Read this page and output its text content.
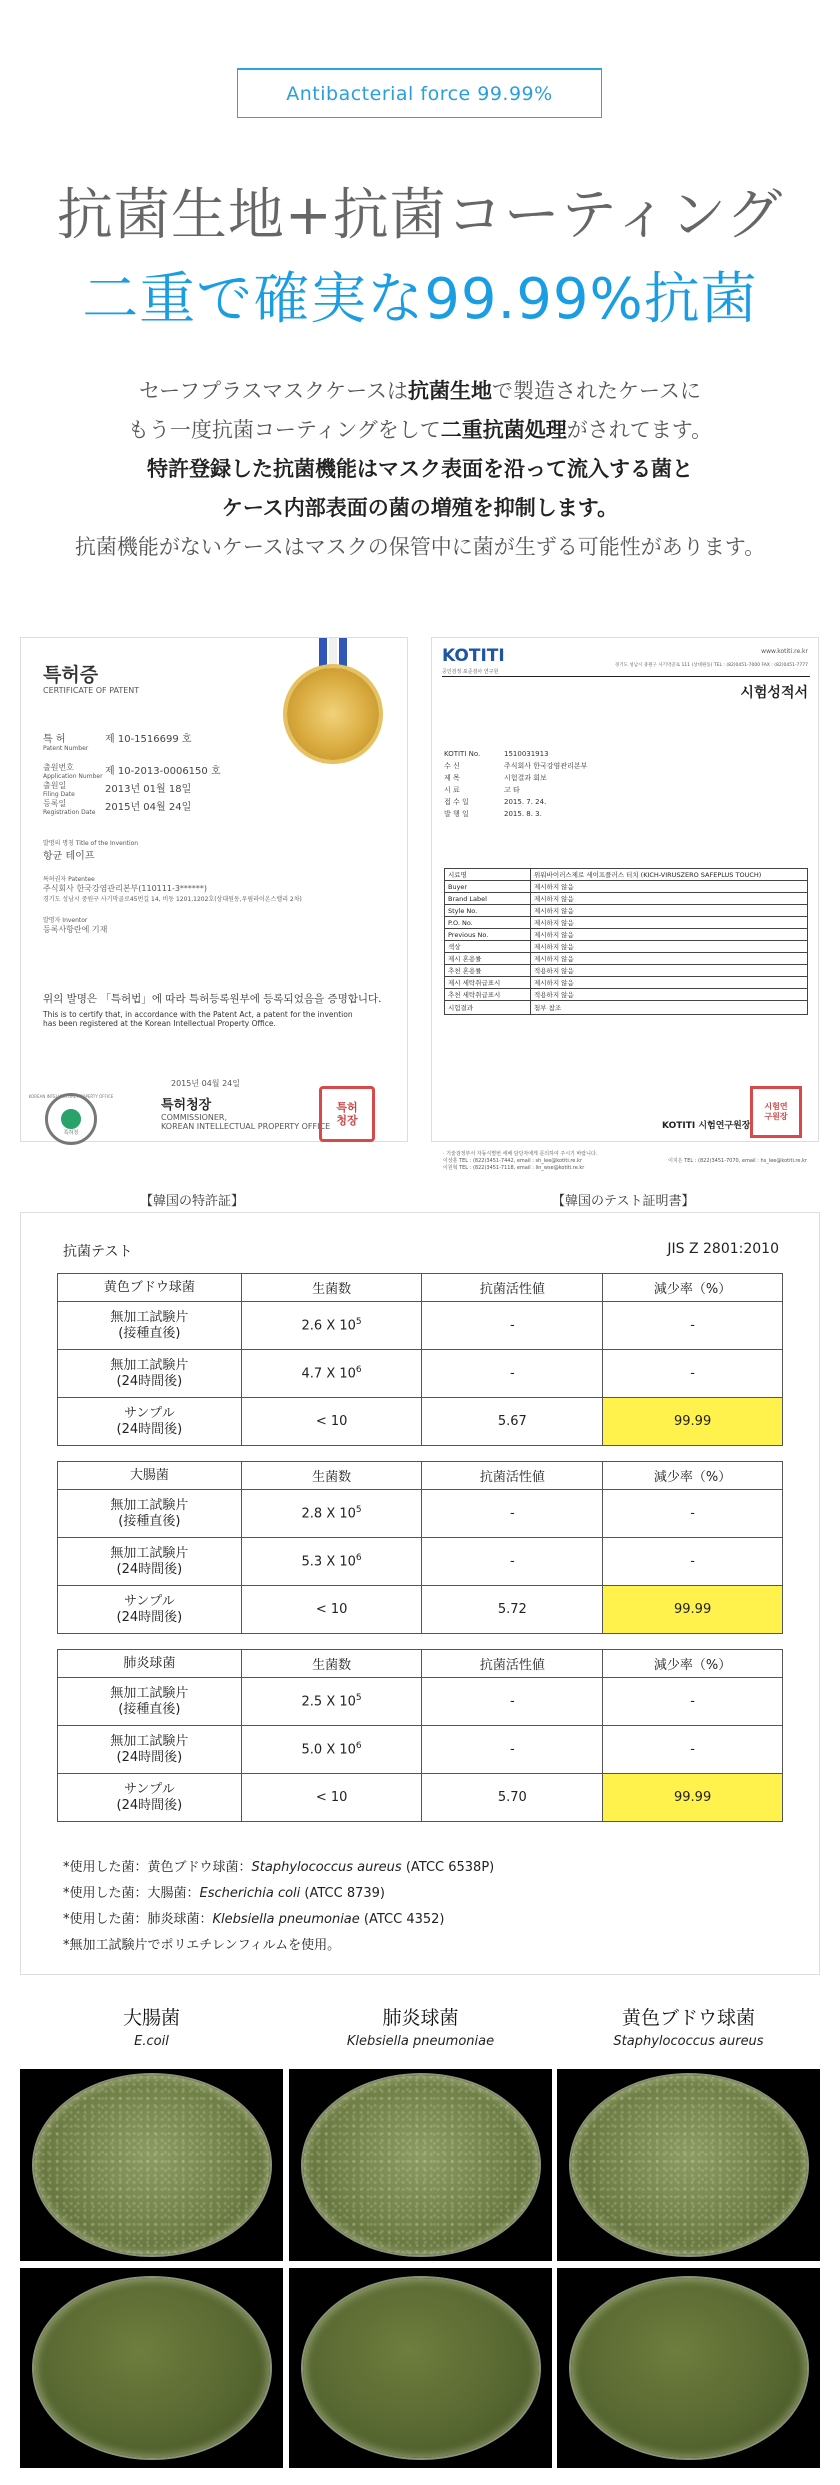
Antibacterial force 99.99%
抗菌生地+抗菌コーティング
二重で確実な99.99%抗菌
セーフプラスマスクケースは抗菌生地で製造されたケースに
もう一度抗菌コーティングをして二重抗菌処理がされてます。
特許登録した抗菌機能はマスク表面を沿って流入する菌と
ケース内部表面の菌の増殖を抑制します。
抗菌機能がないケースはマスクの保管中に菌が生ずる可能性があります。
특허증
CERTIFICATE OF PATENT
특 허
Patent Number
제 10-1516699 호
출원번호
Application Number 제 10-2013-0006150 호
출원일
Filing Date	2013년 01월 18일
등록일
Registration Date 2015년 04월 24일
발명의 명칭 Title of the Invention
항균 테이프
특허권자 Patentee
주식회사 한국강염관리본부(110111-3******)
경기도 성남시 중원구 사기막골로45번길 14, 비동 1201,1202호(상대원동,우림라이온스밸리 2차)
발명자 Inventor
등록사항란에 기재
위의 발명은 「특허법」에 따라 특허등록원부에 등록되었음을 증명합니다.
This is to certify that, in accordance with the Patent Act, a patent for the invention
has been registered at the Korean Intellectual Property Office.
2015년 04월 24일
KOREAN INTELLECTUAL PROPERTY OFFICE
특허청
특허청장
COMMISSIONER,
KOREAN INTELLECTUAL PROPERTY OFFICE
특허청장
KOTITI
공인검정 포준검사 연구원
www.kotiti.re.kr
경기도 성남시 중원구 사기막골로 111 (상대원동) TEL : (82)0451-7000 FAX : (82)0451-7777
시험성적서
KOTITI No.	1510031913
수 신	주식회사 한국강염관리본부
제 목	시험결과 회보
시 료	고 타
접 수 일	2015. 7. 24.
발 행 일	2015. 8. 3.
시료명	위워바이러스제로 세이프플러스 터치 (KICH-VIRUSZERO SAFEPLUS TOUCH)
Buyer	제시하지 않음
Brand Label	제시하지 않음
Style No.	제시하지 않음
P.O. No.	제시하지 않음
Previous No.	제시하지 않음
색상	제시하지 않음
제시 혼용률	제시하지 않음
추천 혼용률	적용하지 않음
제시 세탁취급표시	제시하지 않음
추천 세탁취급표시	적용하지 않음
시험결과	첨부 참조
KOTITI 시험연구원장
시험연구원장
· 기술검정부서 자동식별번 세배 담당자에게 문의하여 주시기 바랍니다.
이상훈 TEL : (822)3451-7442, email : sh_lee@kotiti.re.kr	이지은 TEL : (822)3451-7070, email : hs_lee@kotiti.re.kr
이원혁 TEL : (822)3451-7118, email : lin_wse@kotiti.re.kr
【韓国の特許証】	【韓国のテスト証明書】
抗菌テスト	JIS Z 2801:2010
黄色ブドウ球菌	生菌数	抗菌活性値	減少率（%）

無加工試験片
(接種直後)	2.6 X $10^5$	-	-

無加工試験片
(24時間後)	4.7 X $10^6$	-	-

サンプル
(24時間後)	< 10	5.67	99.99
大腸菌	生菌数	抗菌活性値	減少率（%）

無加工試験片
(接種直後)	2.8 X $10^5$	-	-

無加工試験片
(24時間後)	5.3 X $10^6$	-	-

サンプル
(24時間後)	< 10	5.72	99.99
肺炎球菌	生菌数	抗菌活性値	減少率（%）

無加工試験片
(接種直後)	2.5 X $10^5$	-	-

無加工試験片
(24時間後)	5.0 X $10^6$	-	-

サンプル
(24時間後)	< 10	5.70	99.99
*使用した菌：黄色ブドウ球菌：Staphylococcus aureus (ATCC 6538P)
*使用した菌：大腸菌：Escherichia coli (ATCC 8739)
*使用した菌：肺炎球菌：Klebsiella pneumoniae (ATCC 4352)
*無加工試験片でポリエチレンフィルムを使用。
大腸菌
E.coil
肺炎球菌
Klebsiella pneumoniae
黄色ブドウ球菌
Staphylococcus aureus
